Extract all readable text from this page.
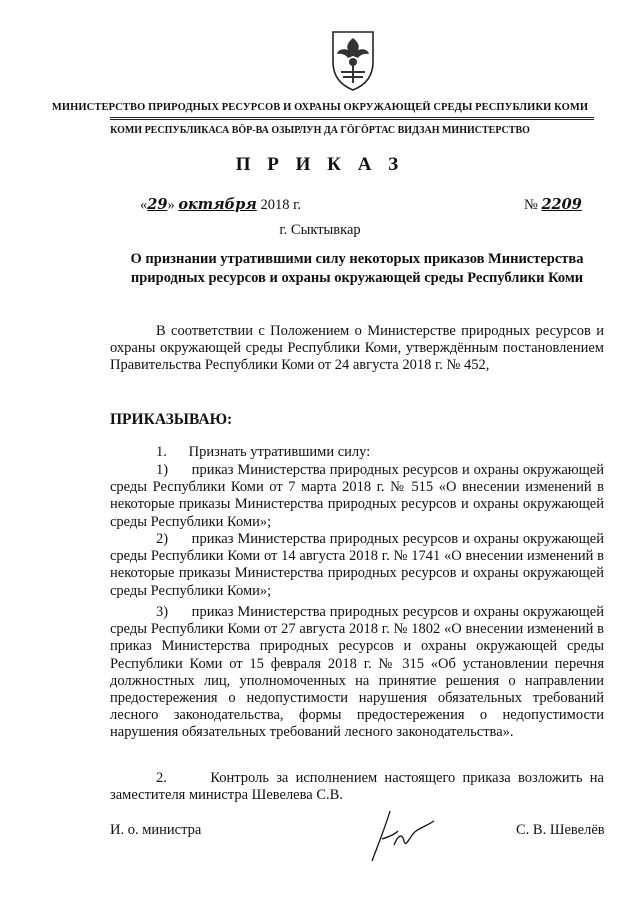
МИНИСТЕРСТВО ПРИРОДНЫХ РЕСУРСОВ И ОХРАНЫ ОКРУЖАЮЩЕЙ СРЕДЫ РЕСПУБЛИКИ КОМИ
КОМИ РЕСПУБЛИКАСА ВӦР-ВА ОЗЫРЛУН ДА ГӦГӦРТАС ВИДЗАН МИНИСТЕРСТВО
П Р И К А З
«29» октября 2018 г.	№ 2209
г. Сыктывкар
О признании утратившими силу некоторых приказов Министерства природных ресурсов и охраны окружающей среды Республики Коми
В соответствии с Положением о Министерстве природных ресурсов и охраны окружающей среды Республики Коми, утверждённым постановлением Правительства Республики Коми от 24 августа 2018 г. № 452,
ПРИКАЗЫВАЮ:
1.      Признать утратившими силу:
1)      приказ Министерства природных ресурсов и охраны окружающей среды Республики Коми от 7 марта 2018 г. № 515 «О внесении изменений в некоторые приказы Министерства природных ресурсов и охраны окружающей среды Республики Коми»;
2)      приказ Министерства природных ресурсов и охраны окружающей среды Республики Коми от 14 августа 2018 г. № 1741 «О внесении изменений в некоторые приказы Министерства природных ресурсов и охраны окружающей среды Республики Коми»;
3)      приказ Министерства природных ресурсов и охраны окружающей среды Республики Коми от 27 августа 2018 г. № 1802 «О внесении изменений в приказ Министерства природных ресурсов и охраны окружающей среды Республики Коми от 15 февраля 2018 г. № 315 «Об установлении перечня должностных лиц, уполномоченных на принятие решения о направлении предостережения о недопустимости нарушения обязательных требований лесного законодательства, формы предостережения о недопустимости нарушения обязательных требований лесного законодательства».
2.      Контроль за исполнением настоящего приказа возложить на заместителя министра Шевелева С.В.
И. о. министра	С. В. Шевелёв
